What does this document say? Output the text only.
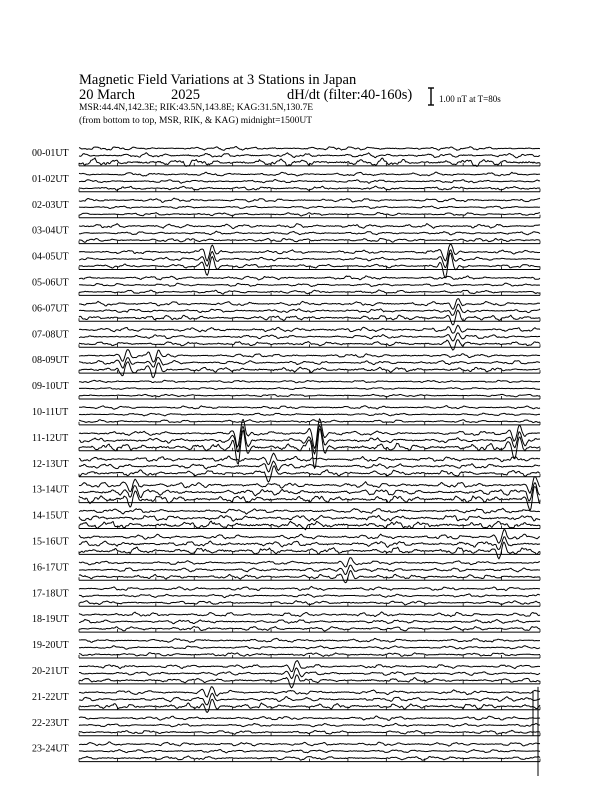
Magnetic Field Variations at 3 Stations in Japan
20 March 2025	dH/dt (filter:40-160s)
MSR:44.4N,142.3E; RIK:43.5N,143.8E; KAG:31.5N,130.7E
(from bottom to top, MSR, RIK, & KAG) midnight=1500UT
1.00 nT at T=80s
00-01UT
01-02UT
02-03UT
03-04UT
04-05UT
05-06UT
06-07UT
07-08UT
08-09UT
09-10UT
10-11UT
11-12UT
12-13UT
13-14UT
14-15UT
15-16UT
16-17UT
17-18UT
18-19UT
19-20UT
20-21UT
21-22UT
22-23UT
23-24UT
